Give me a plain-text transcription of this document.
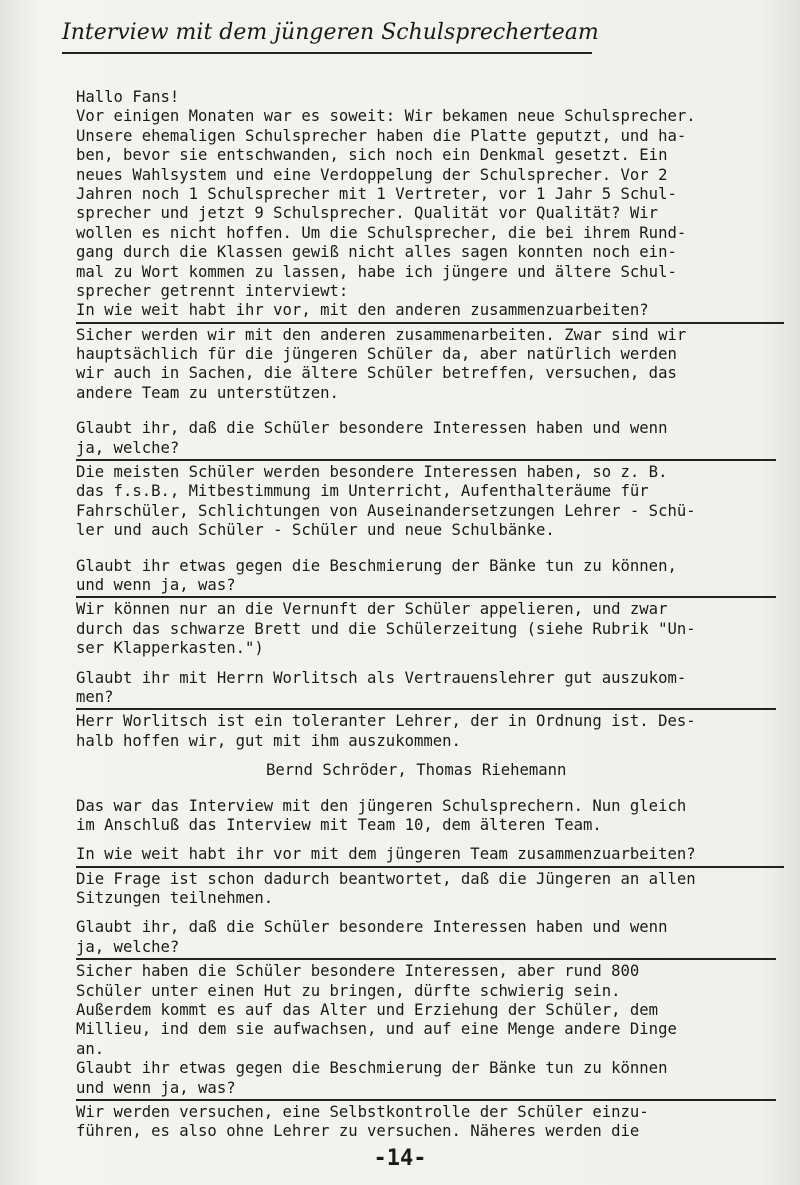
Interview mit dem jüngeren Schulsprecherteam
Hallo Fans!
Vor einigen Monaten war es soweit: Wir bekamen neue Schulsprecher.
Unsere ehemaligen Schulsprecher haben die Platte geputzt, und ha-
ben, bevor sie entschwanden, sich noch ein Denkmal gesetzt. Ein
neues Wahlsystem und eine Verdoppelung der Schulsprecher. Vor 2
Jahren noch 1 Schulsprecher mit 1 Vertreter, vor 1 Jahr 5 Schul-
sprecher und jetzt 9 Schulsprecher. Qualität vor Qualität? Wir
wollen es nicht hoffen. Um die Schulsprecher, die bei ihrem Rund-
gang durch die Klassen gewiß nicht alles sagen konnten noch ein-
mal zu Wort kommen zu lassen, habe ich jüngere und ältere Schul-
sprecher getrennt interviewt:
In wie weit habt ihr vor, mit den anderen zusammenzuarbeiten?
Sicher werden wir mit den anderen zusammenarbeiten. Zwar sind wir
hauptsächlich für die jüngeren Schüler da, aber natürlich werden
wir auch in Sachen, die ältere Schüler betreffen, versuchen, das
andere Team zu unterstützen.
Glaubt ihr, daß die Schüler besondere Interessen haben und wenn
ja, welche?
Die meisten Schüler werden besondere Interessen haben, so z. B.
das f.s.B., Mitbestimmung im Unterricht, Aufenthalteräume für
Fahrschüler, Schlichtungen von Auseinandersetzungen Lehrer - Schü-
ler und auch Schüler - Schüler und neue Schulbänke.
Glaubt ihr etwas gegen die Beschmierung der Bänke tun zu können,
und wenn ja, was?
Wir können nur an die Vernunft der Schüler appelieren, und zwar
durch das schwarze Brett und die Schülerzeitung (siehe Rubrik "Un-
ser Klapperkasten.")
Glaubt ihr mit Herrn Worlitsch als Vertrauenslehrer gut auszukom-
men?
Herr Worlitsch ist ein toleranter Lehrer, der in Ordnung ist. Des-
halb hoffen wir, gut mit ihm auszukommen.
Bernd Schröder, Thomas Riehemann
Das war das Interview mit den jüngeren Schulsprechern. Nun gleich
im Anschluß das Interview mit Team 10, dem älteren Team.
In wie weit habt ihr vor mit dem jüngeren Team zusammenzuarbeiten?
Die Frage ist schon dadurch beantwortet, daß die Jüngeren an allen
Sitzungen teilnehmen.
Glaubt ihr, daß die Schüler besondere Interessen haben und wenn
ja, welche?
Sicher haben die Schüler besondere Interessen, aber rund 800
Schüler unter einen Hut zu bringen, dürfte schwierig sein.
Außerdem kommt es auf das Alter und Erziehung der Schüler, dem
Millieu, ind dem sie aufwachsen, und auf eine Menge andere Dinge
an.
Glaubt ihr etwas gegen die Beschmierung der Bänke tun zu können
und wenn ja, was?
Wir werden versuchen, eine Selbstkontrolle der Schüler einzu-
führen, es also ohne Lehrer zu versuchen. Näheres werden die
-14-
